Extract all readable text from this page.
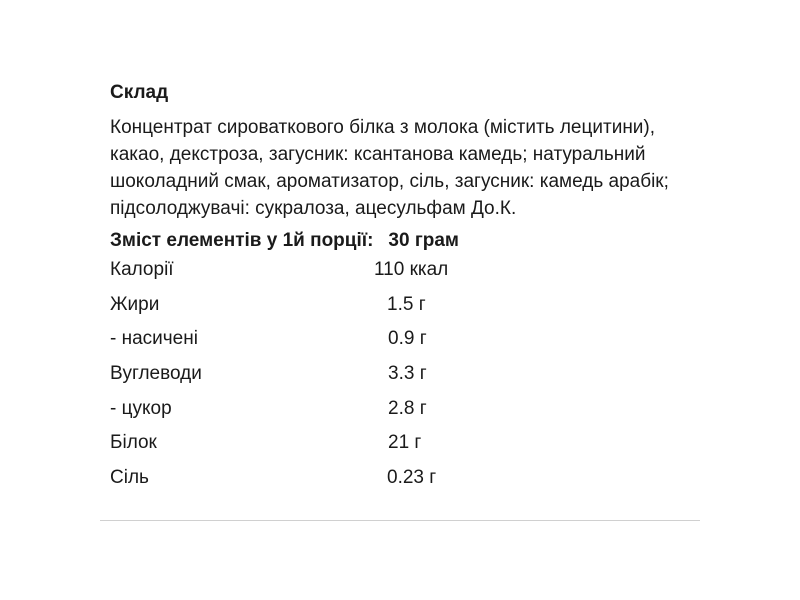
Склад
Концентрат сироваткового білка з молока (містить лецитини),
какао, декстроза, загусник: ксантанова камедь; натуральний
шоколадний смак, ароматизатор, сіль, загусник: камедь арабік;
підсолоджувачі: сукралоза, ацесульфам До.К.
Зміст елементів у 1й порції: 30 грам
Калорії	110 ккал
Жири	1.5 г
- насичені	0.9 г
Вуглеводи	3.3 г
- цукор	2.8 г
Білок	21 г
Сіль	0.23 г
